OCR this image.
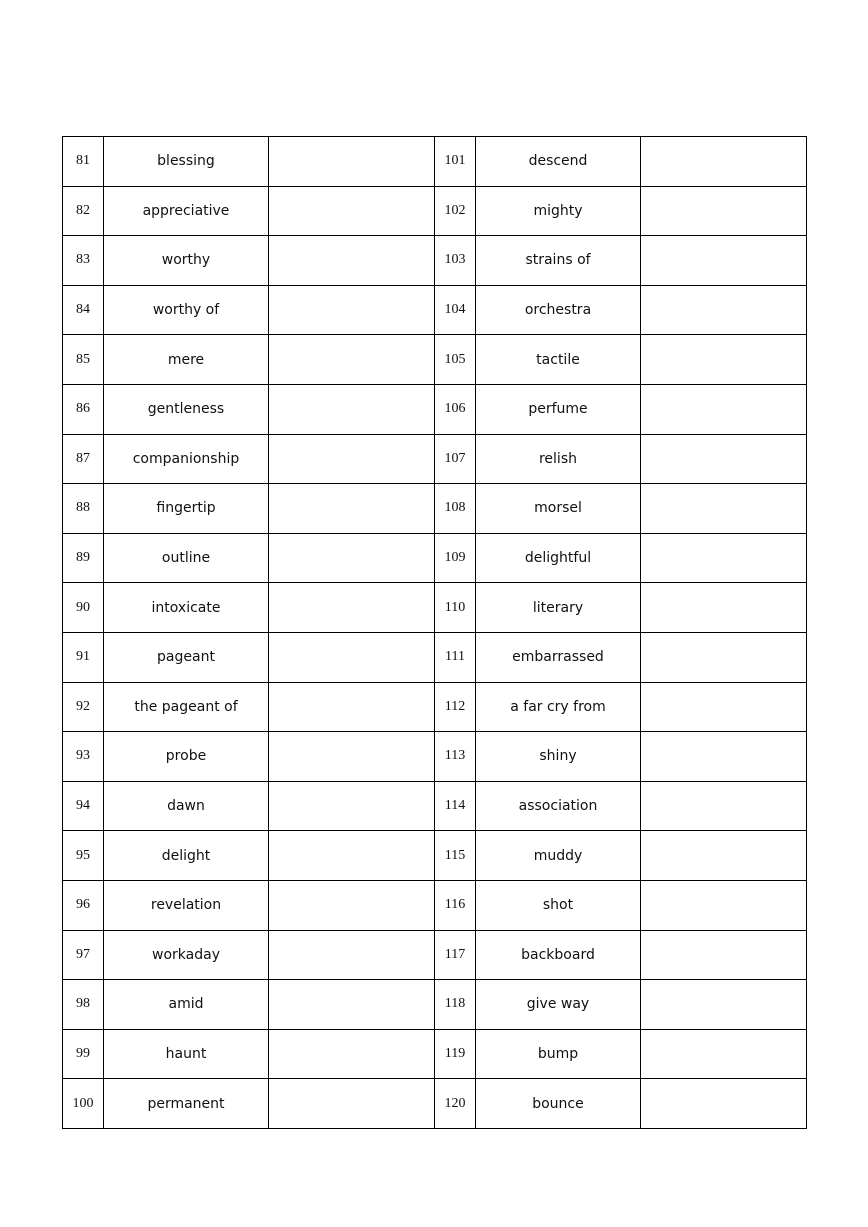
81	blessing		101	descend	
82	appreciative		102	mighty	
83	worthy		103	strains of	
84	worthy of		104	orchestra	
85	mere		105	tactile	
86	gentleness		106	perfume	
87	companionship		107	relish	
88	fingertip		108	morsel	
89	outline		109	delightful	
90	intoxicate		110	literary	
91	pageant		111	embarrassed	
92	the pageant of		112	a far cry from	
93	probe		113	shiny	
94	dawn		114	association	
95	delight		115	muddy	
96	revelation		116	shot	
97	workaday		117	backboard	
98	amid		118	give way	
99	haunt		119	bump	
100	permanent		120	bounce	
